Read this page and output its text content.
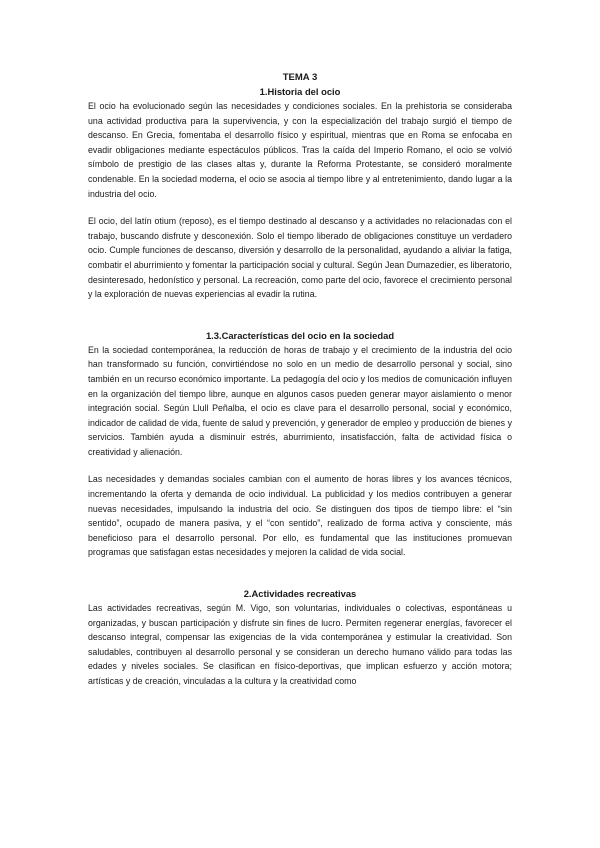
TEMA 3

1.Historia del ocio

El ocio ha evolucionado según las necesidades y condiciones sociales. En la prehistoria se consideraba una actividad productiva para la supervivencia, y con la especialización del trabajo surgió el tiempo de descanso. En Grecia, fomentaba el desarrollo físico y espiritual, mientras que en Roma se enfocaba en evadir obligaciones mediante espectáculos públicos. Tras la caída del Imperio Romano, el ocio se volvió símbolo de prestigio de las clases altas y, durante la Reforma Protestante, se consideró moralmente condenable. En la sociedad moderna, el ocio se asocia al tiempo libre y al entretenimiento, dando lugar a la industria del ocio.

El ocio, del latín otium (reposo), es el tiempo destinado al descanso y a actividades no relacionadas con el trabajo, buscando disfrute y desconexión. Solo el tiempo liberado de obligaciones constituye un verdadero ocio. Cumple funciones de descanso, diversión y desarrollo de la personalidad, ayudando a aliviar la fatiga, combatir el aburrimiento y fomentar la participación social y cultural. Según Jean Dumazedier, es liberatorio, desinteresado, hedonístico y personal. La recreación, como parte del ocio, favorece el crecimiento personal y la exploración de nuevas experiencias al evadir la rutina.

1.3.Características del ocio en la sociedad

En la sociedad contemporánea, la reducción de horas de trabajo y el crecimiento de la industria del ocio han transformado su función, convirtiéndose no solo en un medio de desarrollo personal y social, sino también en un recurso económico importante. La pedagogía del ocio y los medios de comunicación influyen en la organización del tiempo libre, aunque en algunos casos pueden generar mayor aislamiento o menor integración social. Según Llull Peñalba, el ocio es clave para el desarrollo personal, social y económico, indicador de calidad de vida, fuente de salud y prevención, y generador de empleo y producción de bienes y servicios. También ayuda a disminuir estrés, aburrimiento, insatisfacción, falta de actividad física o creatividad y alienación.

Las necesidades y demandas sociales cambian con el aumento de horas libres y los avances técnicos, incrementando la oferta y demanda de ocio individual. La publicidad y los medios contribuyen a generar nuevas necesidades, impulsando la industria del ocio. Se distinguen dos tipos de tiempo libre: el “sin sentido”, ocupado de manera pasiva, y el “con sentido”, realizado de forma activa y consciente, más beneficioso para el desarrollo personal. Por ello, es fundamental que las instituciones promuevan programas que satisfagan estas necesidades y mejoren la calidad de vida social.

2.Actividades recreativas

Las actividades recreativas, según M. Vigo, son voluntarias, individuales o colectivas, espontáneas u organizadas, y buscan participación y disfrute sin fines de lucro. Permiten regenerar energías, favorecer el descanso integral, compensar las exigencias de la vida contemporánea y estimular la creatividad. Son saludables, contribuyen al desarrollo personal y se consideran un derecho humano válido para todas las edades y niveles sociales. Se clasifican en físico-deportivas, que implican esfuerzo y acción motora; artísticas y de creación, vinculadas a la cultura y la creatividad como
